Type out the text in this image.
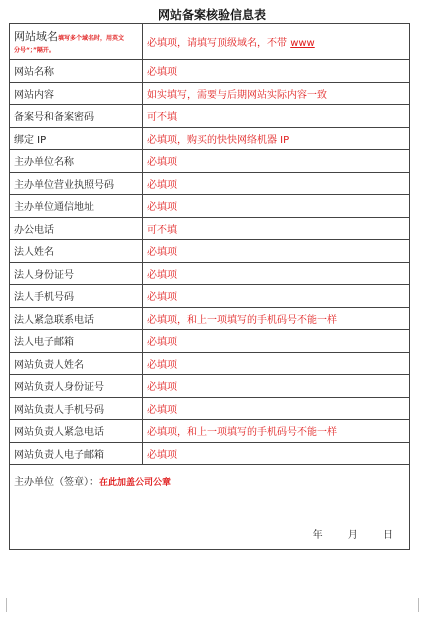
网站备案核验信息表
网站域名填写多个域名时，用英文
分号“；”隔开。	必填项，请填写顶级域名，不带 www
网站名称	必填项
网站内容	如实填写，需要与后期网站实际内容一致
备案号和备案密码	可不填
绑定 IP	必填项，购买的快快网络机器 IP
主办单位名称	必填项
主办单位营业执照号码	必填项
主办单位通信地址	必填项
办公电话	可不填
法人姓名	必填项
法人身份证号	必填项
法人手机号码	必填项
法人紧急联系电话	必填项，和上一项填写的手机码号不能一样
法人电子邮箱	必填项
网站负责人姓名	必填项
网站负责人身份证号	必填项
网站负责人手机号码	必填项
网站负责人紧急电话	必填项，和上一项填写的手机码号不能一样
网站负责人电子邮箱	必填项
主办单位（签章）：在此加盖公司公章
年 月 日	
